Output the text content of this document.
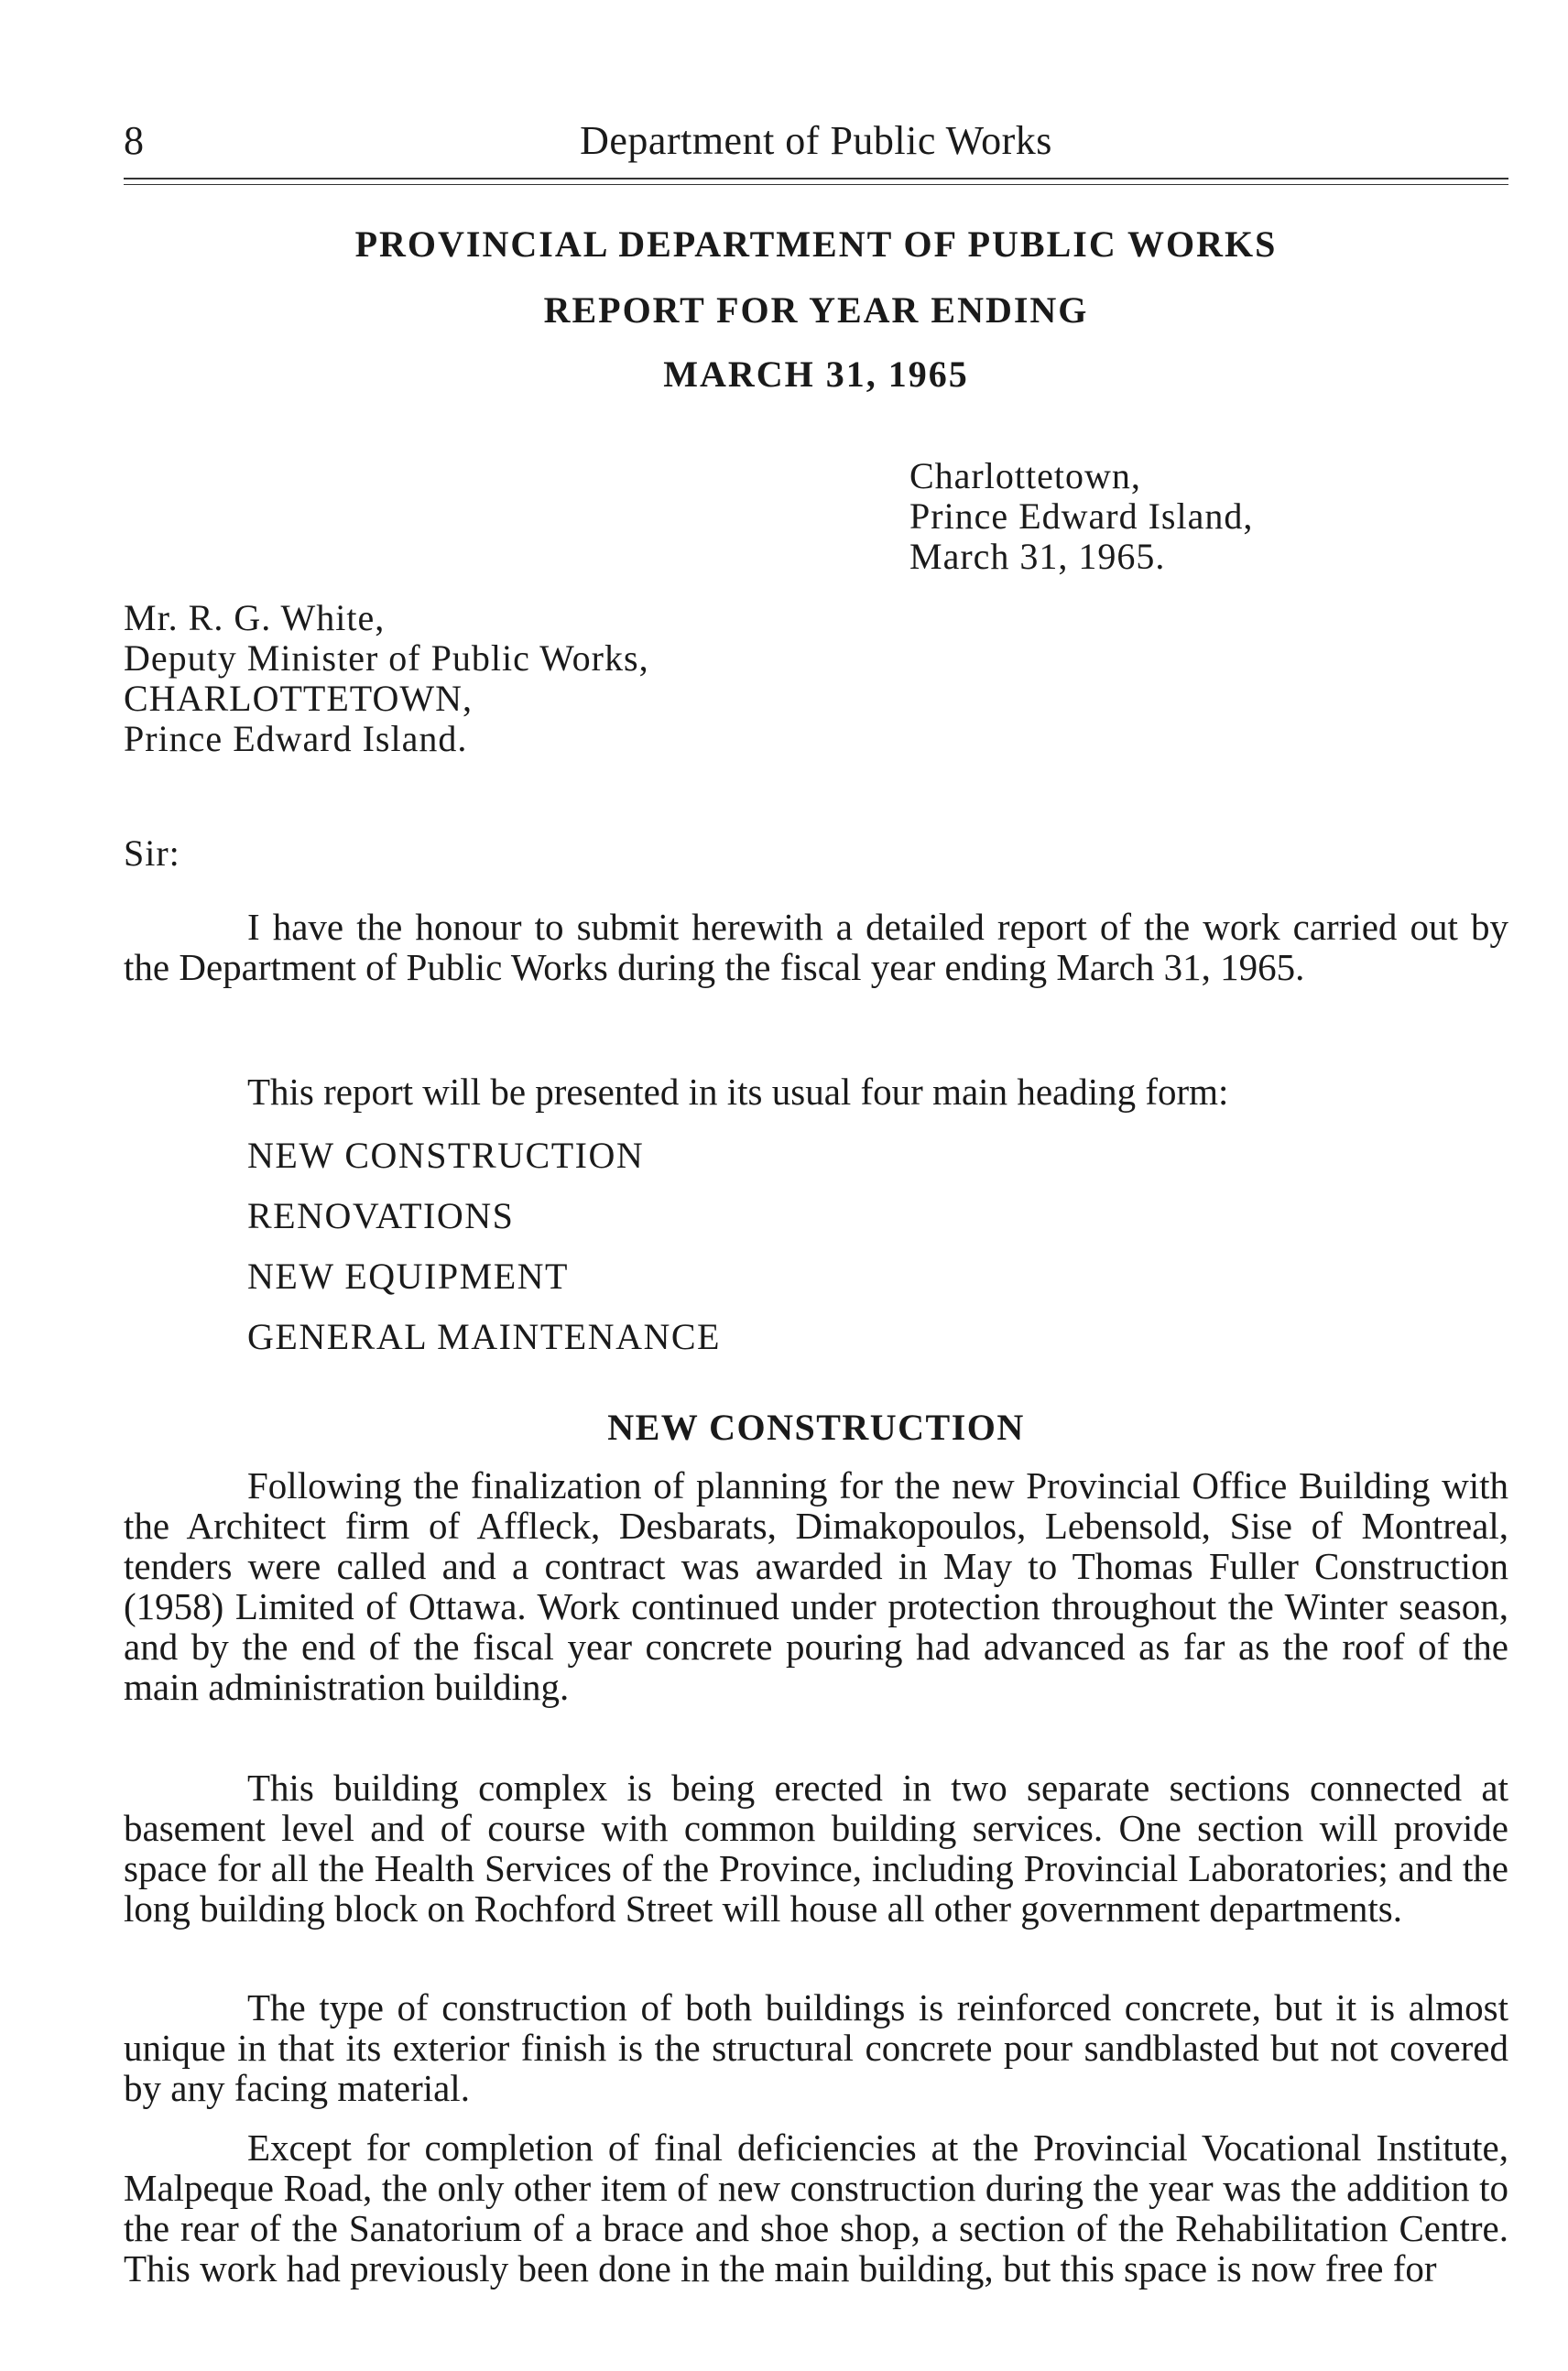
8	Department of Public Works
PROVINCIAL DEPARTMENT OF PUBLIC WORKS
REPORT FOR YEAR ENDING
MARCH 31, 1965
Charlottetown,
Prince Edward Island,
March 31, 1965.
Mr. R. G. White,
Deputy Minister of Public Works,
CHARLOTTETOWN,
Prince Edward Island.
Sir:
I have the honour to submit herewith a detailed report of the work carried out by the Department of Public Works during the fiscal year ending March 31, 1965.
This report will be presented in its usual four main heading form:
NEW CONSTRUCTION
RENOVATIONS
NEW EQUIPMENT
GENERAL MAINTENANCE
NEW CONSTRUCTION
Following the finalization of planning for the new Provincial Office Building with the Architect firm of Affleck, Desbarats, Dimakopoulos, Lebensold, Sise of Montreal, tenders were called and a contract was awarded in May to Thomas Fuller Construction (1958) Limited of Ottawa. Work continued under protection throughout the Winter season, and by the end of the fiscal year concrete pouring had advanced as far as the roof of the main administration building.
This building complex is being erected in two separate sections connected at basement level and of course with common building services. One section will provide space for all the Health Services of the Province, including Provincial Laboratories; and the long building block on Rochford Street will house all other government departments.
The type of construction of both buildings is reinforced concrete, but it is almost unique in that its exterior finish is the structural concrete pour sandblasted but not covered by any facing material.
Except for completion of final deficiencies at the Provincial Vocational Institute, Malpeque Road, the only other item of new construction during the year was the addition to the rear of the Sanatorium of a brace and shoe shop, a section of the Rehabilitation Centre. This work had previously been done in the main building, but this space is now free for
